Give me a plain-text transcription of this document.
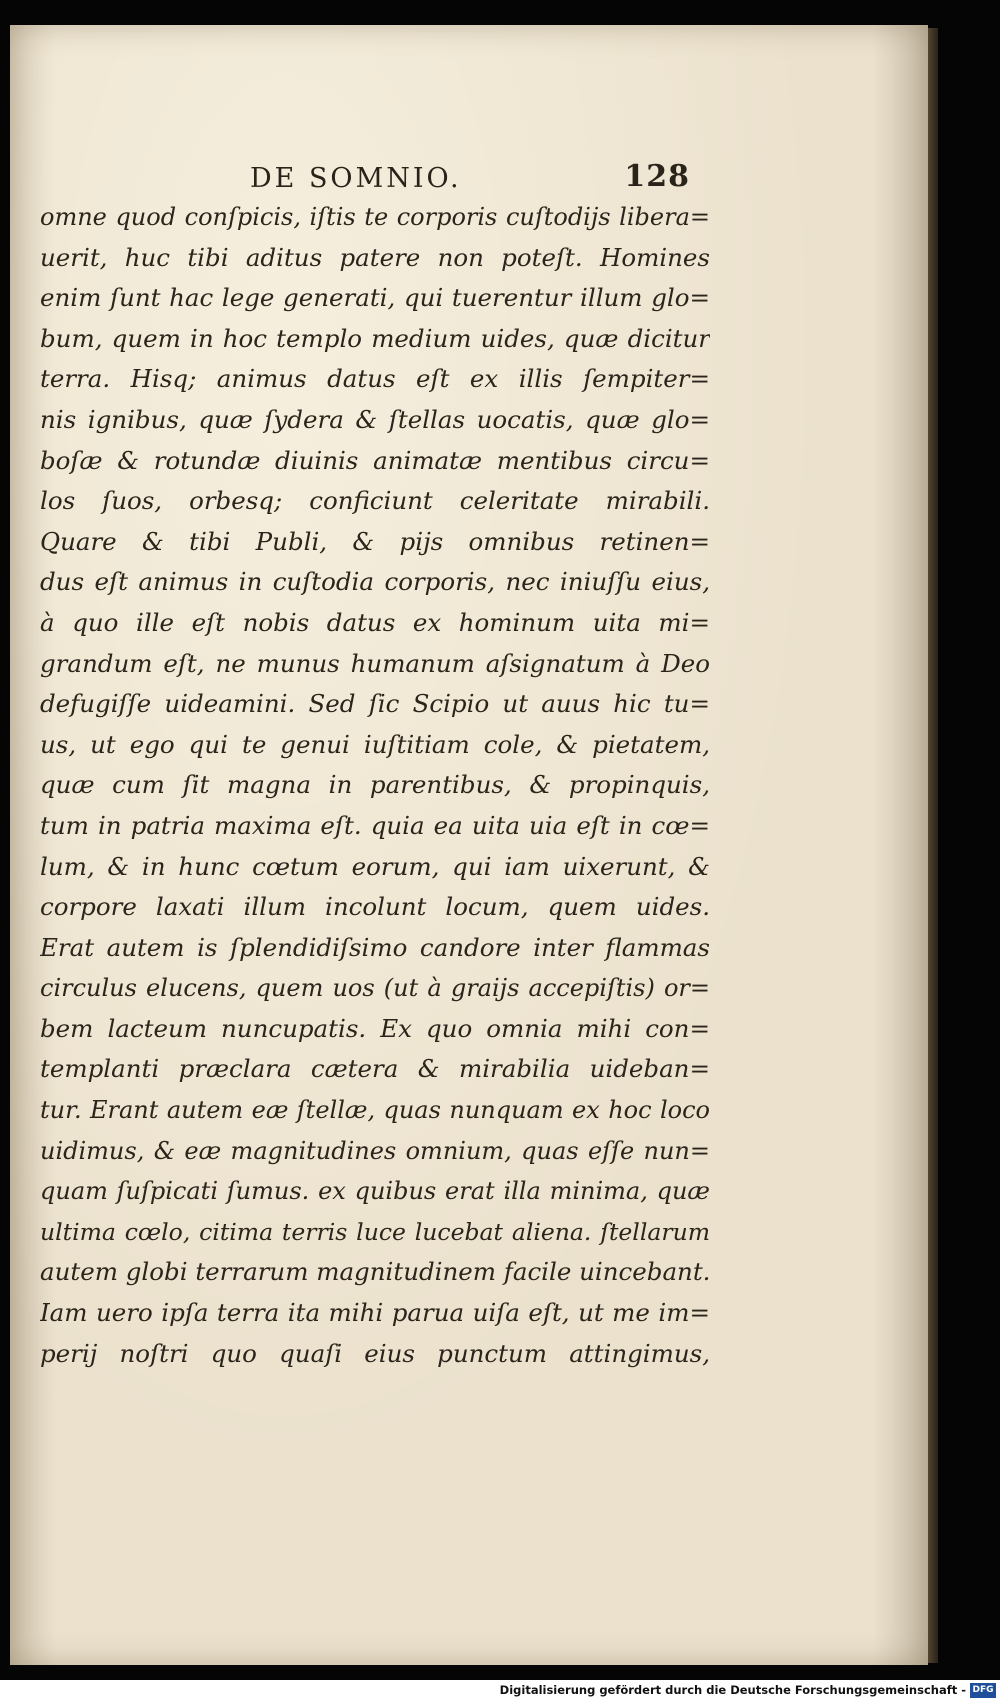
DE SOMNIO.	128
omne quod conſpicis, iſtis te corporis cuſtodijs libera=
uerit, huc tibi aditus patere non poteſt. Homines
enim ſunt hac lege generati, qui tuerentur illum glo=
bum, quem in hoc templo medium uides, quæ dicitur
terra. Hisq; animus datus eſt ex illis ſempiter=
nis ignibus, quæ ſydera & ſtellas uocatis, quæ glo=
boſæ & rotundæ diuinis animatæ mentibus circu=
los ſuos, orbesq; conficiunt celeritate mirabili.
Quare & tibi Publi, & pijs omnibus retinen=
dus eſt animus in cuſtodia corporis, nec iniuſſu eius,
à quo ille eſt nobis datus ex hominum uita mi=
grandum eſt, ne munus humanum aſsignatum à Deo
defugiſſe uideamini. Sed ſic Scipio ut auus hic tu=
us, ut ego qui te genui iuſtitiam cole, & pietatem,
quæ cum ſit magna in parentibus, & propinquis,
tum in patria maxima eſt. quia ea uita uia eſt in cœ=
lum, & in hunc cœtum eorum, qui iam uixerunt, &
corpore laxati illum incolunt locum, quem uides.
Erat autem is ſplendidiſsimo candore inter flammas
circulus elucens, quem uos (ut à graijs accepiſtis) or=
bem lacteum nuncupatis. Ex quo omnia mihi con=
templanti præclara cætera & mirabilia uideban=
tur. Erant autem eæ ſtellæ, quas nunquam ex hoc loco
uidimus, & eæ magnitudines omnium, quas eſſe nun=
quam ſuſpicati ſumus. ex quibus erat illa minima, quæ
ultima cœlo, citima terris luce lucebat aliena. ſtellarum
autem globi terrarum magnitudinem facile uincebant.
Iam uero ipſa terra ita mihi parua uiſa eſt, ut me im=
perij noſtri quo quaſi eius punctum attingimus,
Digitalisierung gefördert durch die Deutsche Forschungsgemeinschaft - DFG
